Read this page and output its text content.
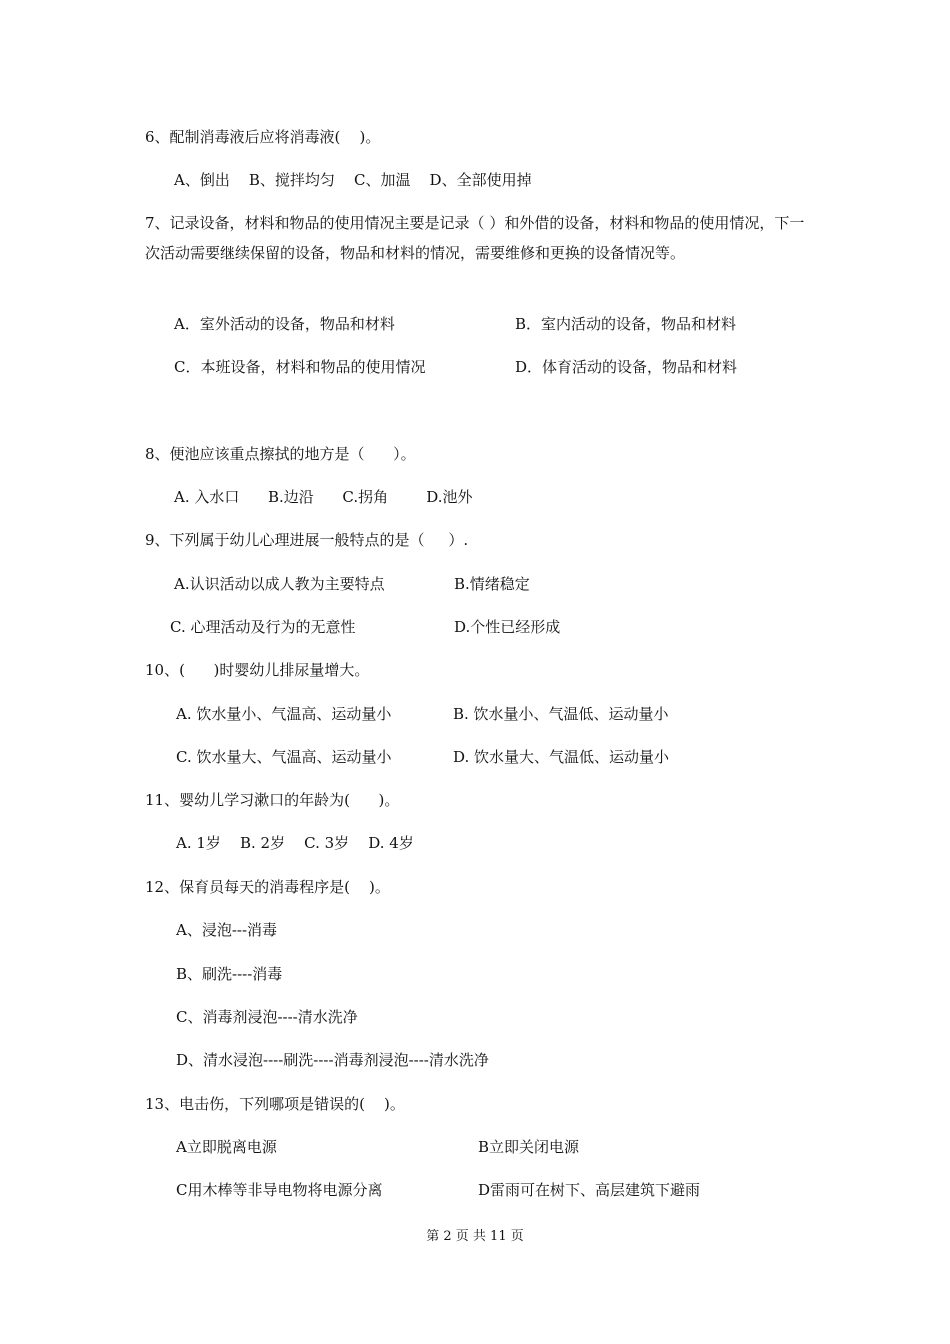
6、配制消毒液后应将消毒液(    )。
A、倒出    B、搅拌均匀    C、加温    D、全部使用掉
7、记录设备，材料和物品的使用情况主要是记录（ ）和外借的设备，材料和物品的使用情况，下一次活动需要继续保留的设备，物品和材料的情况，需要维修和更换的设备情况等。
A．室外活动的设备，物品和材料	B．室内活动的设备，物品和材料
C．本班设备，材料和物品的使用情况	D．体育活动的设备，物品和材料
8、便池应该重点擦拭的地方是（      ）。
A. 入水口      B.边沿      C.拐角        D.池外
9、下列属于幼儿心理进展一般特点的是（     ）.
A.认识活动以成人教为主要特点	B.情绪稳定
C. 心理活动及行为的无意性	D.个性已经形成
10、(      )时婴幼儿排尿量增大。
A. 饮水量小、气温高、运动量小	B. 饮水量小、气温低、运动量小
C. 饮水量大、气温高、运动量小	D. 饮水量大、气温低、运动量小
11、婴幼儿学习漱口的年龄为(      )。
A. 1岁    B. 2岁    C. 3岁    D. 4岁
12、保育员每天的消毒程序是(    )。
A、浸泡---消毒
B、刷洗----消毒
C、消毒剂浸泡----清水洗净
D、清水浸泡----刷洗----消毒剂浸泡----清水洗净
13、电击伤，下列哪项是错误的(    )。
A立即脱离电源	B立即关闭电源
C用木棒等非导电物将电源分离	D雷雨可在树下、高层建筑下避雨
第 2 页 共 11 页
